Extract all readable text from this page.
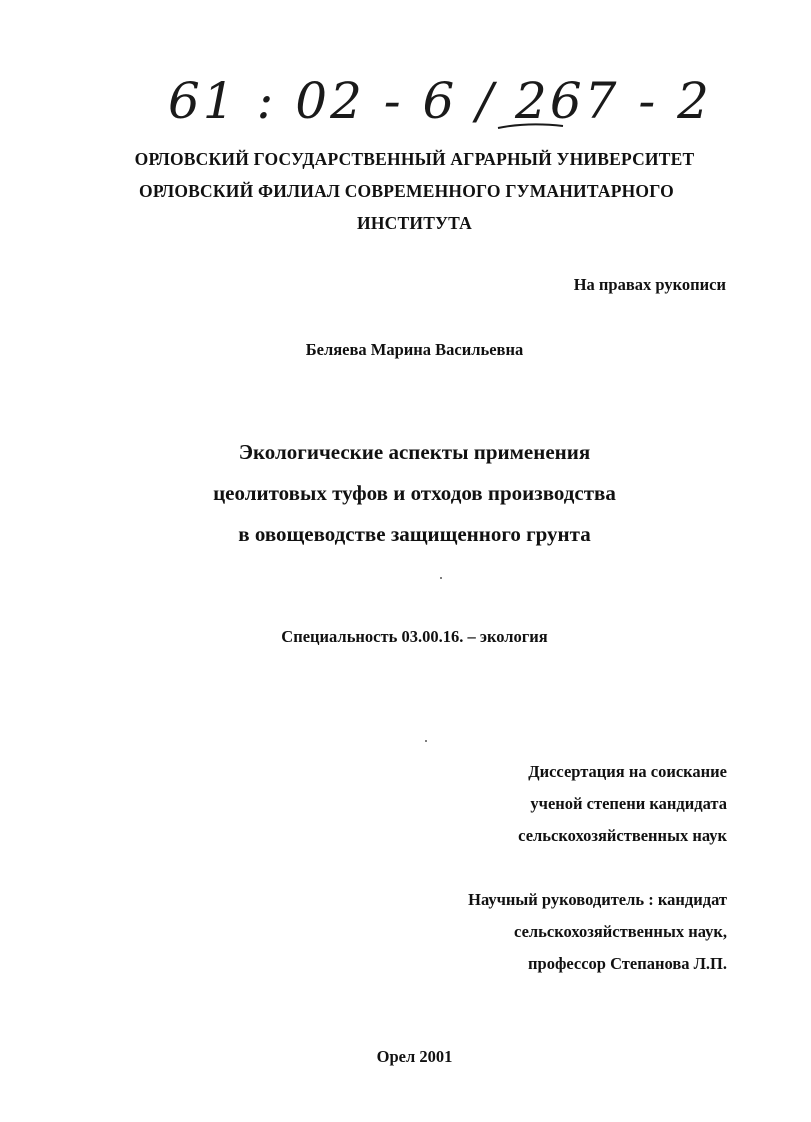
61 : 02 - 6 / 267 - 2
ОРЛОВСКИЙ ГОСУДАРСТВЕННЫЙ АГРАРНЫЙ УНИВЕРСИТЕТ
ОРЛОВСКИЙ ФИЛИАЛ СОВРЕМЕННОГО ГУМАНИТАРНОГО
ИНСТИТУТА
На правах рукописи
Беляева Марина Васильевна
Экологические аспекты применения
цеолитовых туфов и отходов производства
в овощеводстве защищенного грунта
Специальность 03.00.16. – экология
Диссертация на соискание
ученой степени кандидата
сельскохозяйственных наук
Научный руководитель : кандидат
сельскохозяйственных наук,
профессор Степанова Л.П.
Орел 2001
